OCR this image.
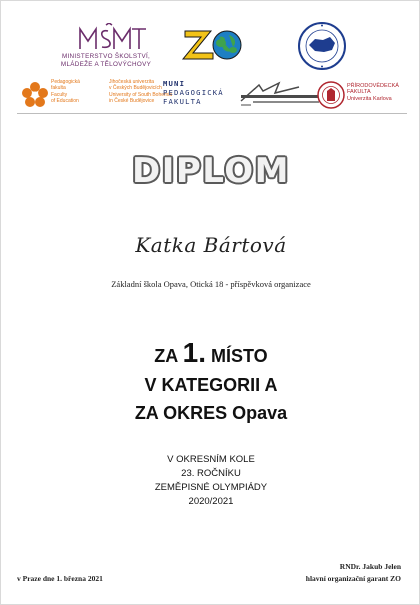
MINISTERSTVO ŠKOLSTVÍ,
MLÁDEŽE A TĚLOVÝCHOVY
Pedagogická
fakulta
Faculty
of Education
Jihočeská univerzita
v Českých Budějovicích
University of South Bohemia
in České Budějovice
MUNI
PEDAGOGICKÁ
FAKULTA
PŘÍRODOVĚDECKÁ
FAKULTA
Univerzita Karlova
DIPLOM
Katka Bártová
Základní škola Opava, Otická 18 - příspěvková organizace
ZA 1. MÍSTO
V KATEGORII A
ZA OKRES Opava
V OKRESNÍM KOLE
23. ROČNÍKU
ZEMĚPISNÉ OLYMPIÁDY
2020/2021
RNDr. Jakub Jelen
hlavní organizační garant ZO
v Praze dne 1. března 2021
